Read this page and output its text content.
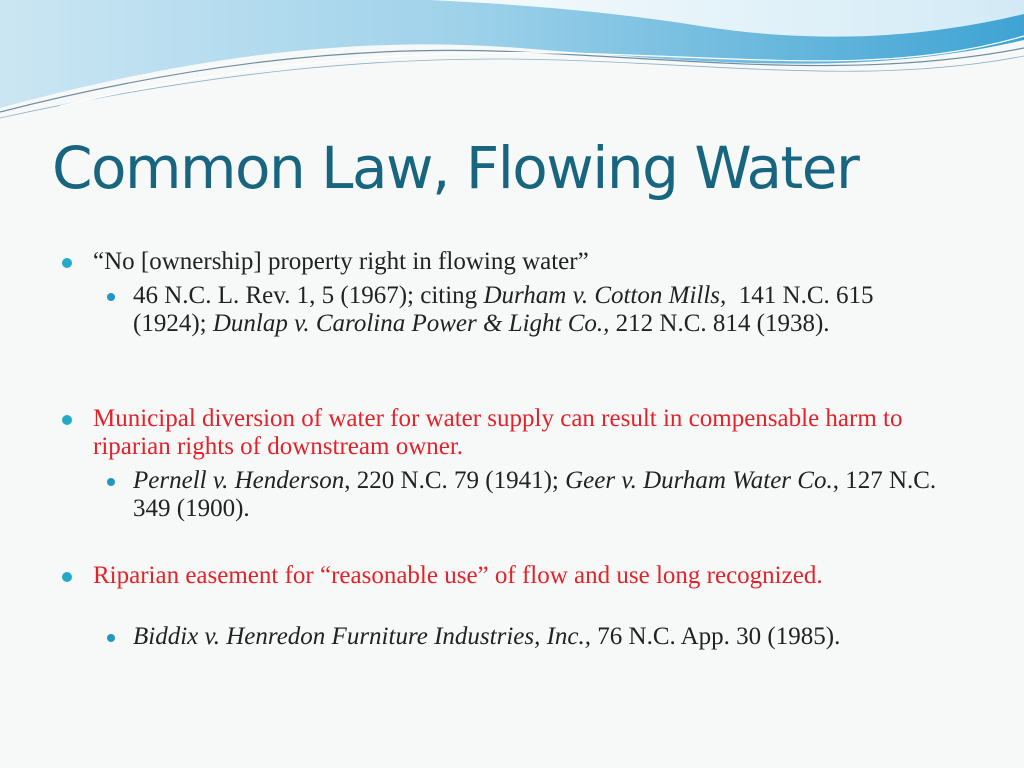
Common Law, Flowing Water
“No [ownership] property right in flowing water”
46 N.C. L. Rev. 1, 5 (1967); citing Durham v. Cotton Mills,  141 N.C. 615 (1924); Dunlap v. Carolina Power & Light Co., 212 N.C. 814 (1938).
Municipal diversion of water for water supply can result in compensable harm to riparian rights of downstream owner.
Pernell v. Henderson, 220 N.C. 79 (1941); Geer v. Durham Water Co., 127 N.C. 349 (1900).
Riparian easement for “reasonable use” of flow and use long recognized.
Biddix v. Henredon Furniture Industries, Inc., 76 N.C. App. 30 (1985).
